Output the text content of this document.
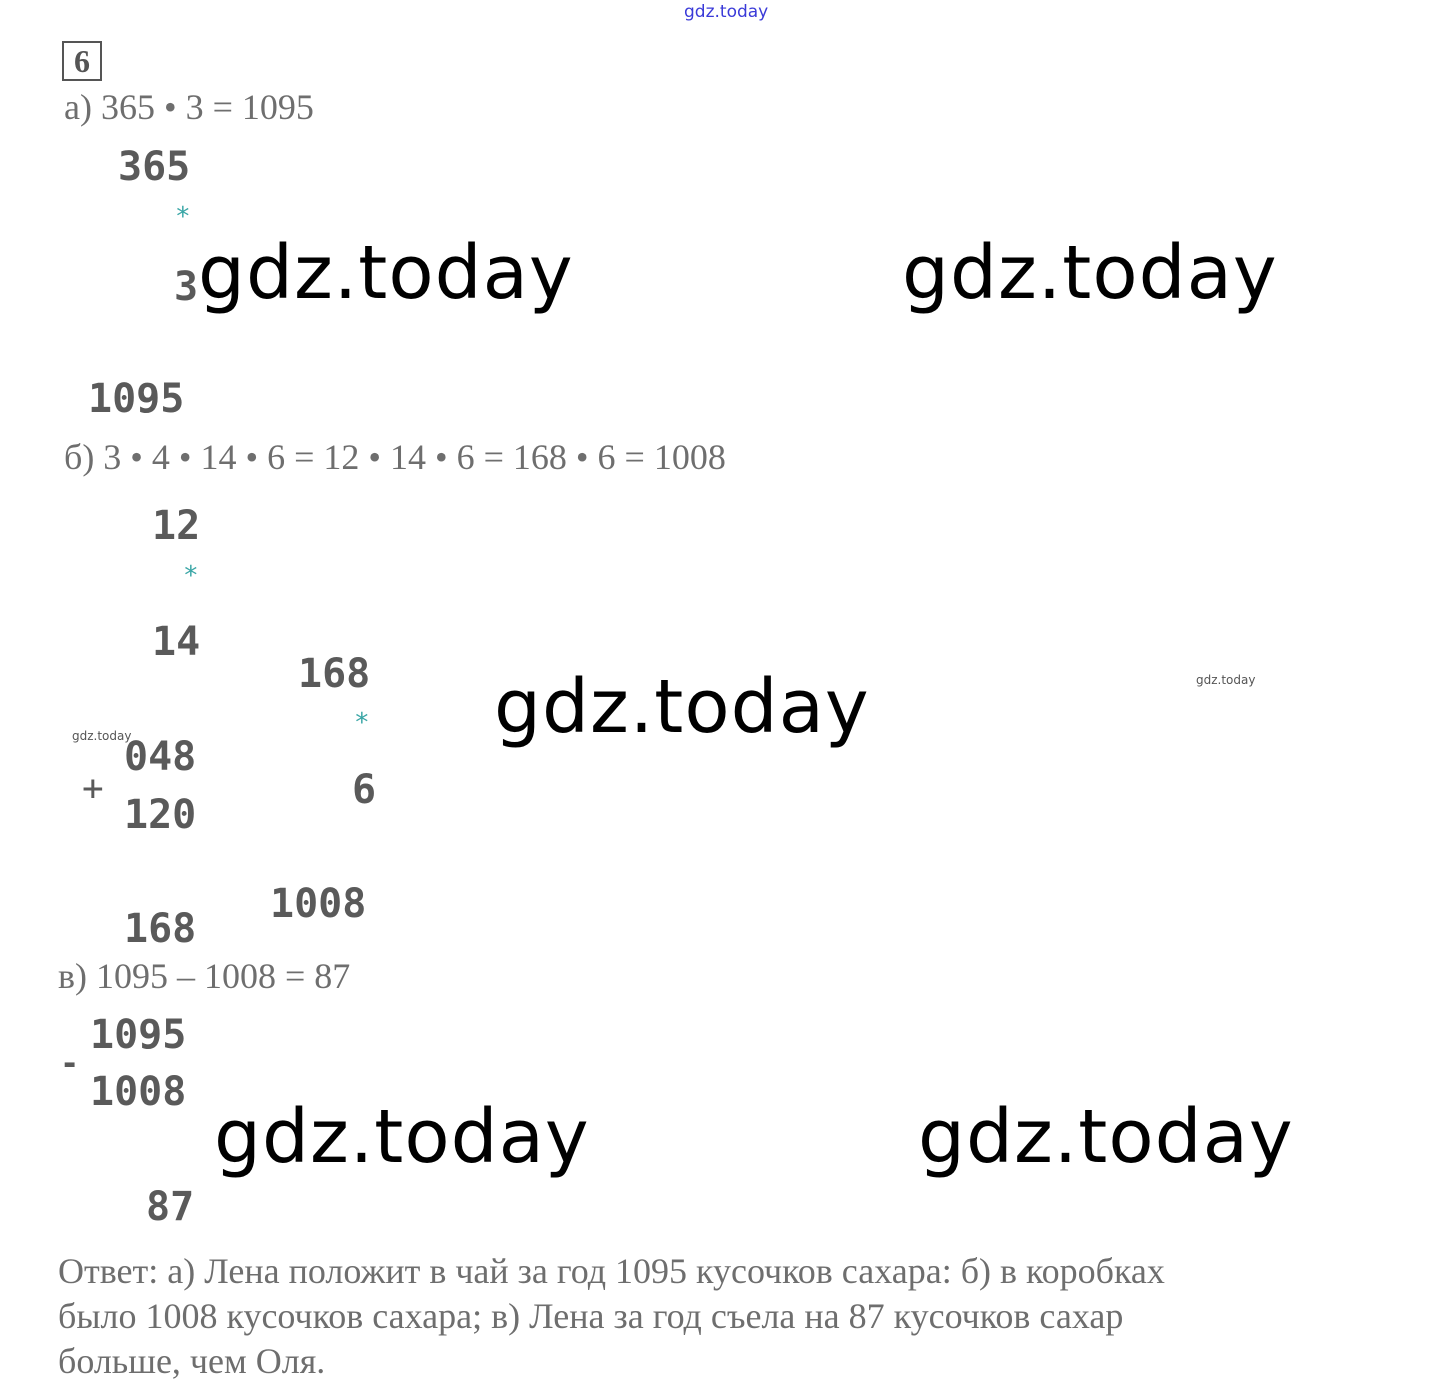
gdz.today
6
а) 365 • 3 = 1095
365
*
3
1095
gdz.today	gdz.today
б) 3 • 4 • 14 • 6 = 12 • 14 • 6 = 168 • 6 = 1008
12
*
14
048
+
120
168
168
*
6
1008
gdz.today	gdz.today
gdz.today
в) 1095 – 1008 = 87
1095
-
1008
87
gdz.today	gdz.today
Ответ: а) Лена положит в чай за год 1095 кусочков сахара: б) в коробках
было 1008 кусочков сахара; в) Лена за год съела на 87 кусочков сахар
больше, чем Оля.
